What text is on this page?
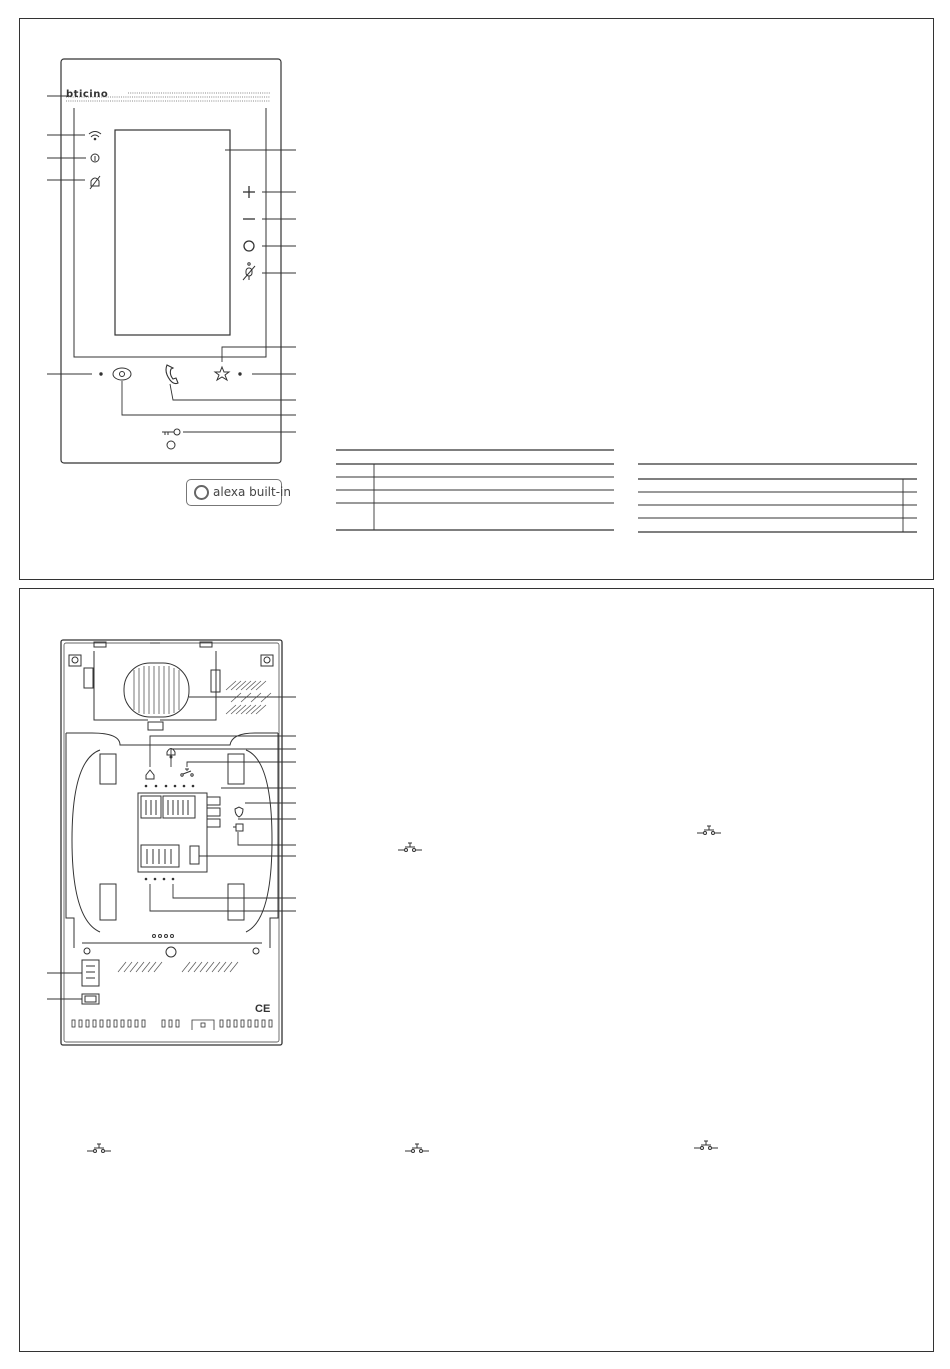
bticino
alexa built-in
CE
